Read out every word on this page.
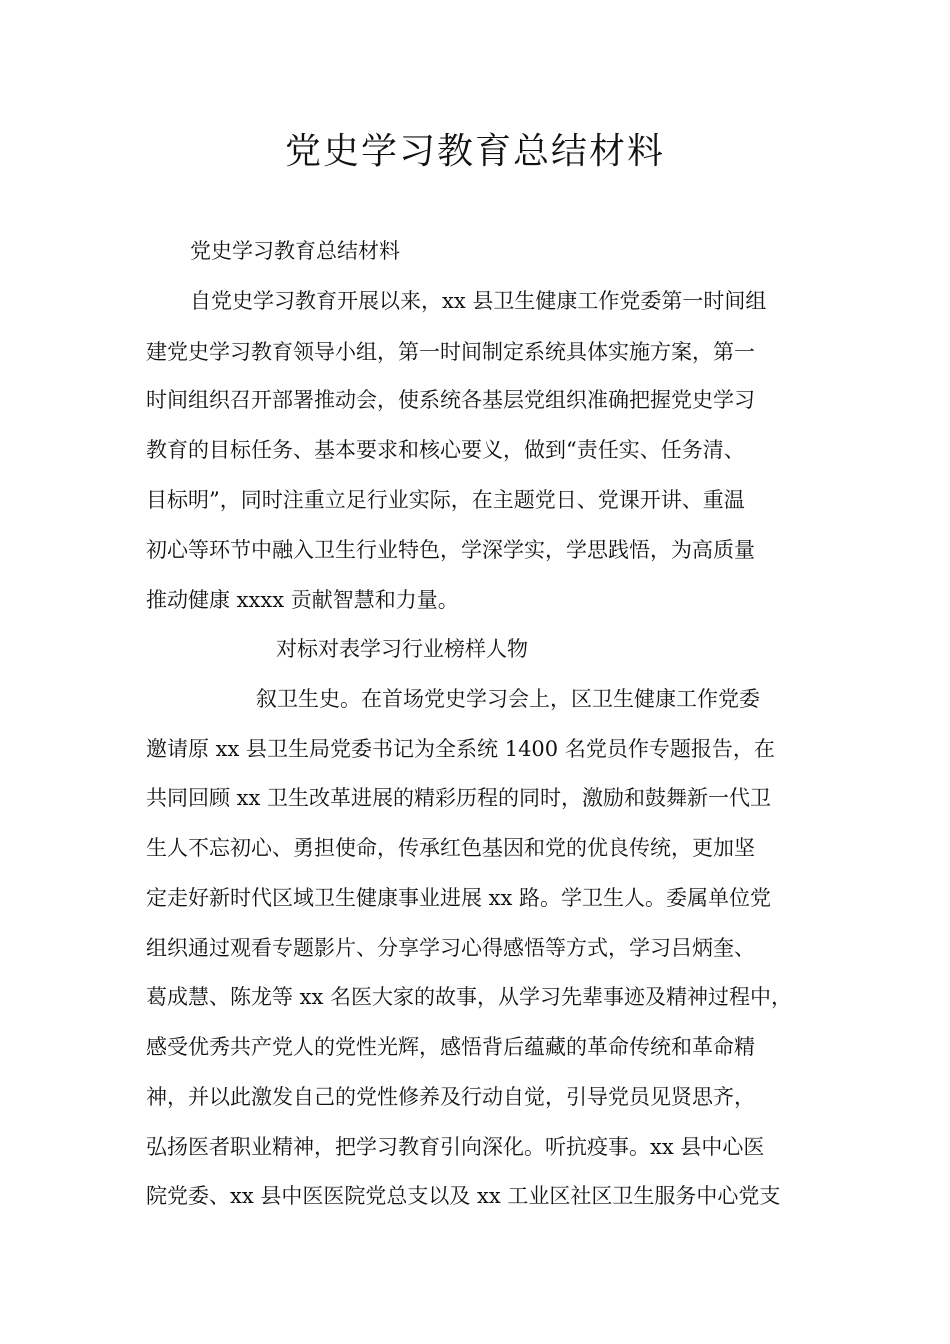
党史学习教育总结材料
党史学习教育总结材料
自党史学习教育开展以来，xx 县卫生健康工作党委第一时间组
建党史学习教育领导小组，第一时间制定系统具体实施方案，第一
时间组织召开部署推动会，使系统各基层党组织准确把握党史学习
教育的目标任务、基本要求和核心要义，做到“责任实、任务清、
目标明”，同时注重立足行业实际，在主题党日、党课开讲、重温
初心等环节中融入卫生行业特色，学深学实，学思践悟，为高质量
推动健康 xxxx 贡献智慧和力量。
对标对表学习行业榜样人物
叙卫生史。在首场党史学习会上，区卫生健康工作党委
邀请原 xx 县卫生局党委书记为全系统 1400 名党员作专题报告，在
共同回顾 xx 卫生改革进展的精彩历程的同时，激励和鼓舞新一代卫
生人不忘初心、勇担使命，传承红色基因和党的优良传统，更加坚
定走好新时代区域卫生健康事业进展 xx 路。学卫生人。委属单位党
组织通过观看专题影片、分享学习心得感悟等方式，学习吕炳奎、
葛成慧、陈龙等 xx 名医大家的故事，从学习先辈事迹及精神过程中，
感受优秀共产党人的党性光辉，感悟背后蕴藏的革命传统和革命精
神，并以此激发自己的党性修养及行动自觉，引导党员见贤思齐，
弘扬医者职业精神，把学习教育引向深化。听抗疫事。xx 县中心医
院党委、xx 县中医医院党总支以及 xx 工业区社区卫生服务中心党支
